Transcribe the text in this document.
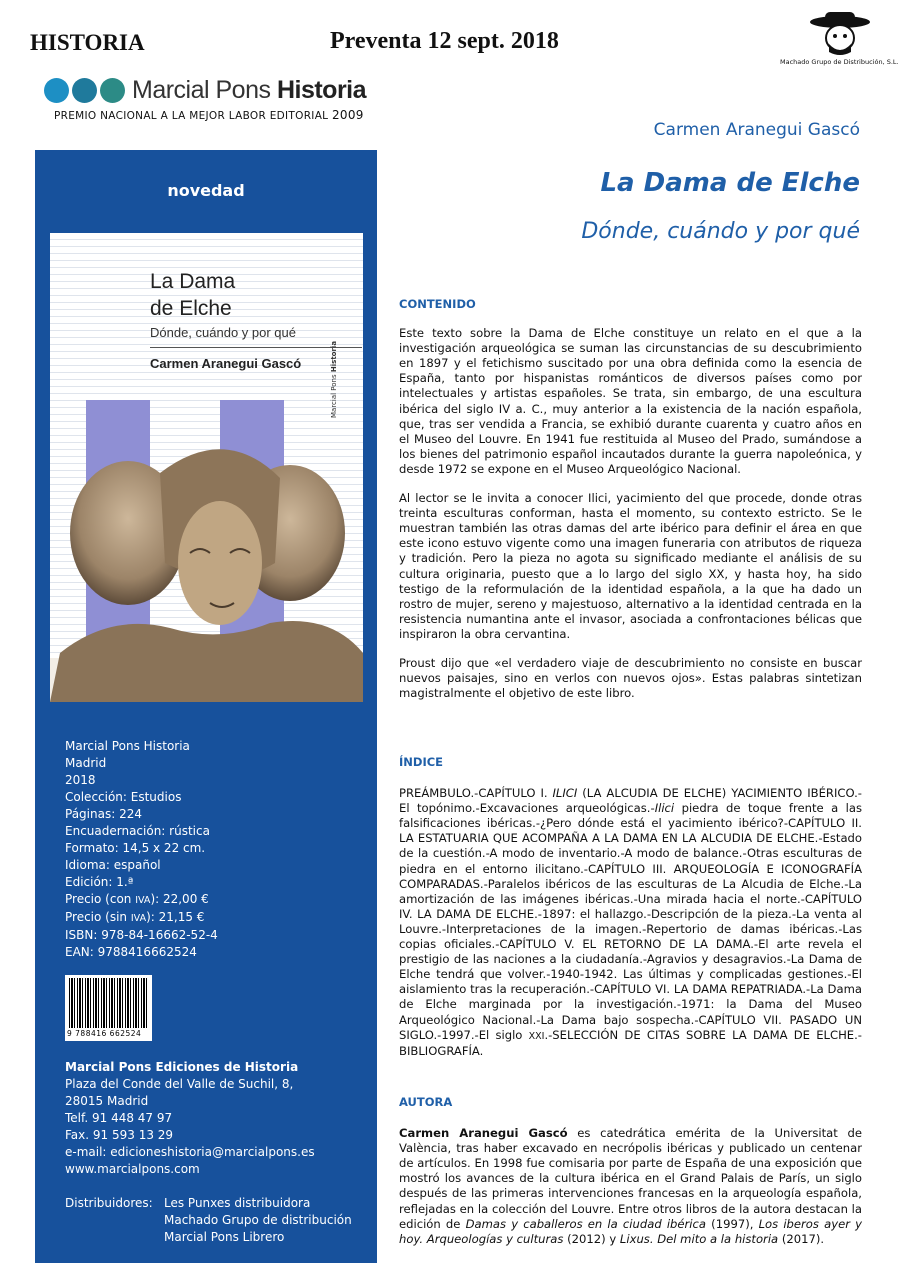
HISTORIA	Preventa 12 sept. 2018
Machado Grupo de Distribución, S.L.
Marcial Pons Historia
PREMIO NACIONAL A LA MEJOR LABOR EDITORIAL 2009
novedad
La Dama
de Elche
Dónde, cuándo y por qué
Carmen Aranegui Gascó
Marcial Pons Historia
Marcial Pons Historia
Madrid
2018
Colección: Estudios
Páginas: 224
Encuadernación: rústica
Formato: 14,5 x 22 cm.
Idioma: español
Edición: 1.ª
Precio (con IVA): 22,00 €
Precio (sin IVA): 21,15 €
ISBN: 978-84-16662-52-4
EAN: 9788416662524
9 788416 662524
Marcial Pons Ediciones de Historia
Plaza del Conde del Valle de Suchil, 8,
28015 Madrid
Telf. 91 448 47 97
Fax. 91 593 13 29
e-mail: edicioneshistoria@marcialpons.es
www.marcialpons.com
Distribuidores: Les Punxes distribuidora
Machado Grupo de distribución
Marcial Pons Librero
Carmen Aranegui Gascó
La Dama de Elche
Dónde, cuándo y por qué
CONTENIDO

Este texto sobre la Dama de Elche constituye un relato en el que a la investigación arqueológica se suman las circunstancias de su descubrimiento en 1897 y el fetichismo suscitado por una obra definida como la esencia de España, tanto por hispanistas románticos de diversos países como por intelectuales y artistas españoles. Se trata, sin embargo, de una escultura ibérica del siglo IV a. C., muy anterior a la existencia de la nación española, que, tras ser vendida a Francia, se exhibió durante cuarenta y cuatro años en el Museo del Louvre. En 1941 fue restituida al Museo del Prado, sumándose a los bienes del patrimonio español incautados durante la guerra napoleónica, y desde 1972 se expone en el Museo Arqueológico Nacional.

Al lector se le invita a conocer Ilici, yacimiento del que procede, donde otras treinta esculturas conforman, hasta el momento, su contexto estricto. Se le muestran también las otras damas del arte ibérico para definir el área en que este icono estuvo vigente como una imagen funeraria con atributos de riqueza y tradición. Pero la pieza no agota su significado mediante el análisis de su cultura originaria, puesto que a lo largo del siglo XX, y hasta hoy, ha sido testigo de la reformulación de la identidad española, a la que ha dado un rostro de mujer, sereno y majestuoso, alternativo a la identidad centrada en la resistencia numantina ante el invasor, asociada a confrontaciones bélicas que inspiraron la obra cervantina.

Proust dijo que «el verdadero viaje de descubrimiento no consiste en buscar nuevos paisajes, sino en verlos con nuevos ojos». Estas palabras sintetizan magistralmente el objetivo de este libro.

ÍNDICE

PREÁMBULO.-CAPÍTULO I. ILICI (LA ALCUDIA DE ELCHE) YACIMIENTO IBÉRICO.-El topónimo.-Excavaciones arqueológicas.-Ilici piedra de toque frente a las falsificaciones ibéricas.-¿Pero dónde está el yacimiento ibérico?-CAPÍTULO II. LA ESTATUARIA QUE ACOMPAÑA A LA DAMA EN LA ALCUDIA DE ELCHE.-Estado de la cuestión.-A modo de inventario.-A modo de balance.-Otras esculturas de piedra en el entorno ilicitano.-CAPÍTULO III. ARQUEOLOGÍA E ICONOGRAFÍA COMPARADAS.-Paralelos ibéricos de las esculturas de La Alcudia de Elche.-La amortización de las imágenes ibéricas.-Una mirada hacia el norte.-CAPÍTULO IV. LA DAMA DE ELCHE.-1897: el hallazgo.-Descripción de la pieza.-La venta al Louvre.-Interpretaciones de la imagen.-Repertorio de damas ibéricas.-Las copias oficiales.-CAPÍTULO V. EL RETORNO DE LA DAMA.-El arte revela el prestigio de las naciones a la ciudadanía.-Agravios y desagravios.-La Dama de Elche tendrá que volver.-1940-1942. Las últimas y complicadas gestiones.-El aislamiento tras la recuperación.-CAPÍTULO VI. LA DAMA REPATRIADA.-La Dama de Elche marginada por la investigación.-1971: la Dama del Museo Arqueológico Nacional.-La Dama bajo sospecha.-CAPÍTULO VII. PASADO UN SIGLO.-1997.-El siglo XXI.-SELECCIÓN DE CITAS SOBRE LA DAMA DE ELCHE.-BIBLIOGRAFÍA.

AUTORA

Carmen Aranegui Gascó es catedrática emérita de la Universitat de València, tras haber excavado en necrópolis ibéricas y publicado un centenar de artículos. En 1998 fue comisaria por parte de España de una exposición que mostró los avances de la cultura ibérica en el Grand Palais de París, un siglo después de las primeras intervenciones francesas en la arqueología española, reflejadas en la colección del Louvre. Entre otros libros de la autora destacan la edición de Damas y caballeros en la ciudad ibérica (1997), Los iberos ayer y hoy. Arqueologías y culturas (2012) y Lixus. Del mito a la historia (2017).
